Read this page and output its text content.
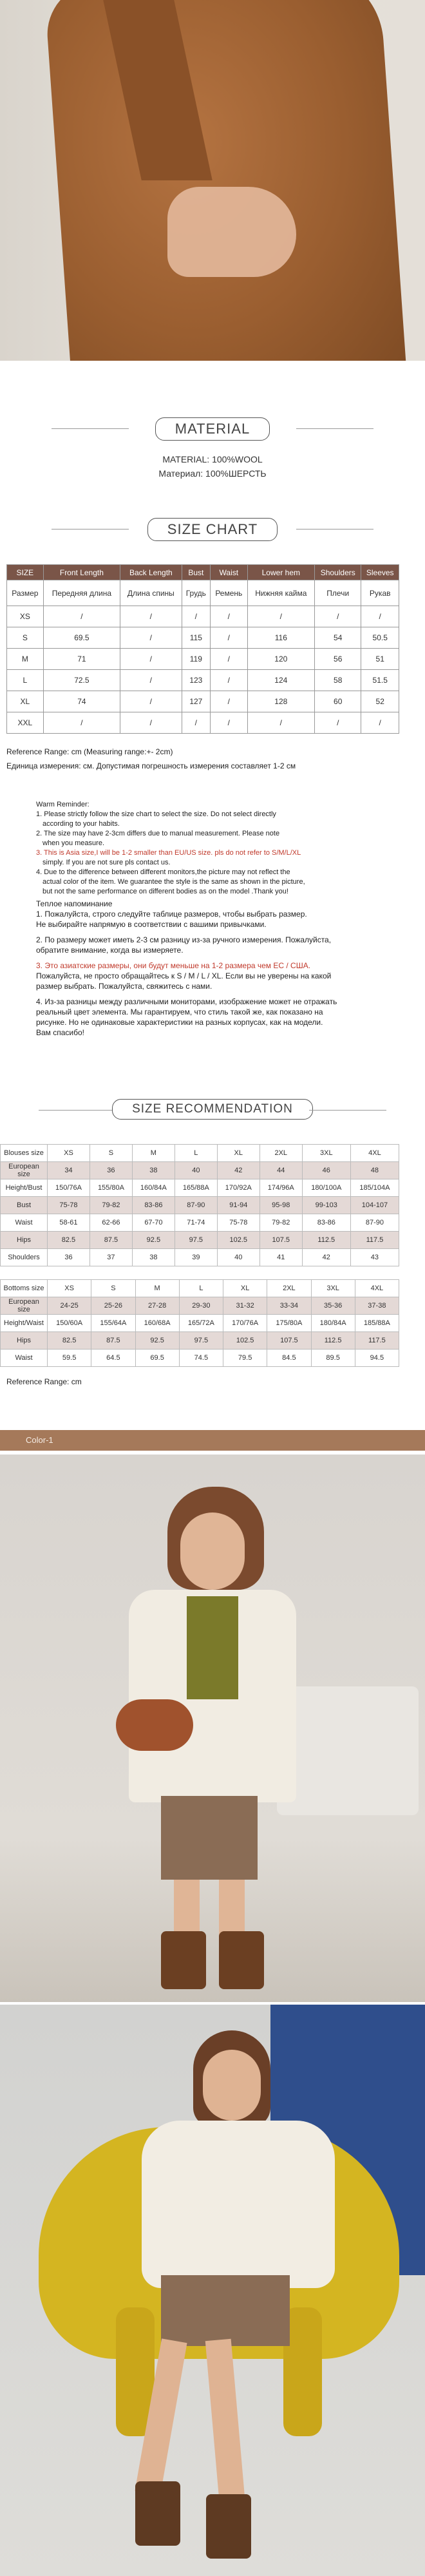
MATERIAL
MATERIAL: 100%WOOL
Материал: 100%ШЕРСТЬ
SIZE CHART
SIZE	Front Length	Back Length	Bust	Waist	Lower hem	Shoulders	Sleeves
Размер	Передняя длина	Длина спины	Грудь	Ремень	Нижняя кайма	Плечи	Рукав
XS	/	/	/	/	/	/	/
S	69.5	/	115	/	116	54	50.5
M	71	/	119	/	120	56	51
L	72.5	/	123	/	124	58	51.5
XL	74	/	127	/	128	60	52
XXL	/	/	/	/	/	/	/
Reference Range: cm (Measuring range:+- 2cm)
Единица измерения: см. Допустимая погрешность измерения составляет 1-2 см
Warm Reminder:
1. Please strictly follow the size chart to select the size. Do not select directly
according to your habits.
2. The size may have 2-3cm differs due to manual measurement. Please note
when you measure.
3. This is Asia size,I will be 1-2 smaller than EU/US size. pls do not refer to S/M/L/XL
simply. If you are not sure pls contact us.
4. Due to the difference between different monitors,the picture may not reflect the
actual color of the item. We guarantee the style is the same as shown in the picture,
but not the same performance on different bodies as on the model .Thank you!
Теплое напоминание
1. Пожалуйста, строго следуйте таблице размеров, чтобы выбрать размер.
Не выбирайте напрямую в соответствии с вашими привычками.
2. По размеру может иметь 2-3 см разницу из-за ручного измерения. Пожалуйста,
обратите внимание, когда вы измеряете.
3. Это азиатские размеры, они будут меньше на 1-2 размера чем ЕС / США.
Пожалуйста, не просто обращайтесь к S / M / L / XL. Если вы не уверены на какой
размер выбрать. Пожалуйста, свяжитесь с нами.
4. Из-за разницы между различными мониторами, изображение может не отражать
реальный цвет элемента. Мы гарантируем, что стиль такой же, как показано на
рисунке. Но не одинаковые характеристики на разных корпусах, как на модели.
Вам спасибо!
SIZE RECOMMENDATION
Blouses size	XS	S	M	L	XL	2XL	3XL	4XL
European size	34	36	38	40	42	44	46	48
Height/Bust	150/76A	155/80A	160/84A	165/88A	170/92A	174/96A	180/100A	185/104A
Bust	75-78	79-82	83-86	87-90	91-94	95-98	99-103	104-107
Waist	58-61	62-66	67-70	71-74	75-78	79-82	83-86	87-90
Hips	82.5	87.5	92.5	97.5	102.5	107.5	112.5	117.5
Shoulders	36	37	38	39	40	41	42	43
Bottoms size	XS	S	M	L	XL	2XL	3XL	4XL
European size	24-25	25-26	27-28	29-30	31-32	33-34	35-36	37-38
Height/Waist	150/60A	155/64A	160/68A	165/72A	170/76A	175/80A	180/84A	185/88A
Hips	82.5	87.5	92.5	97.5	102.5	107.5	112.5	117.5
Waist	59.5	64.5	69.5	74.5	79.5	84.5	89.5	94.5
Reference Range: cm
Color-1
